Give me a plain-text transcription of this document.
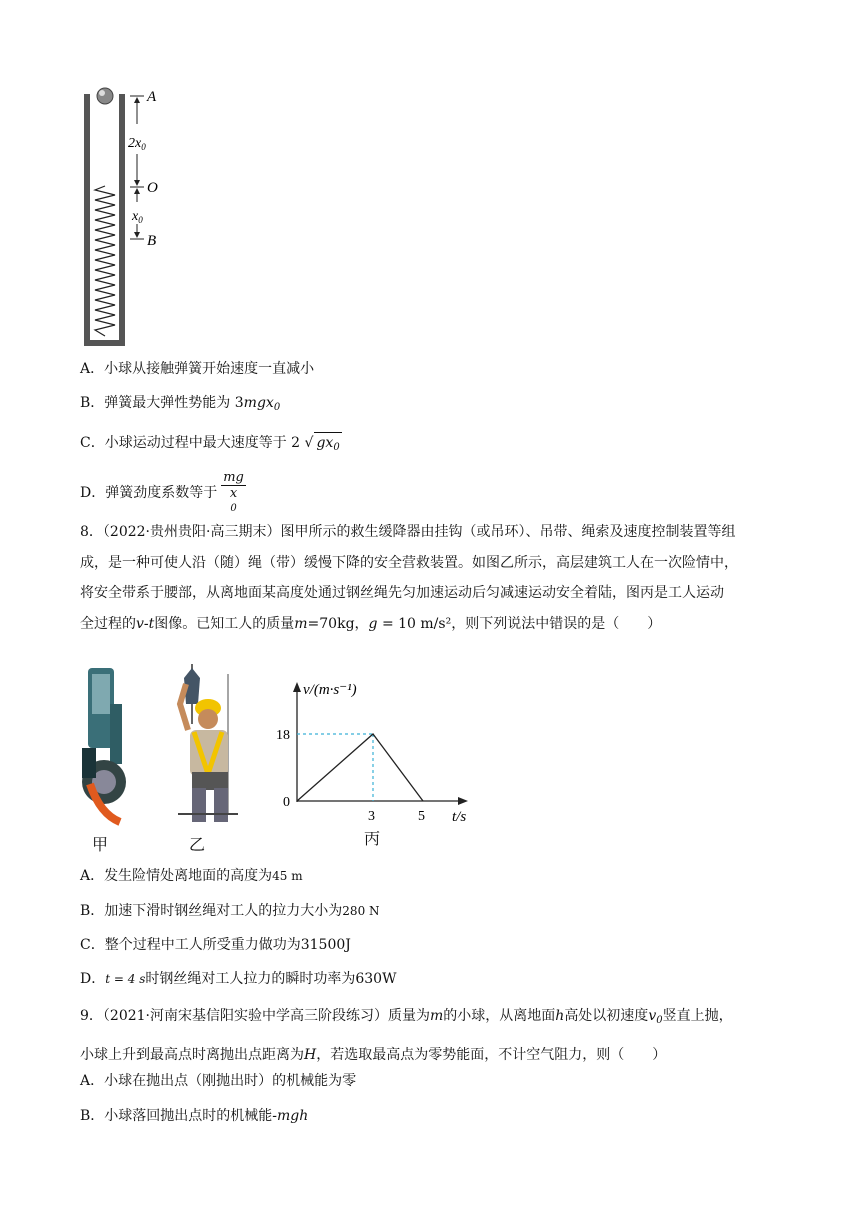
A
O
B
$2x_0$
$x_0$
A．小球从接触弹簧开始速度一直减小
B．弹簧最大弹性势能为 3mgx$_0$
C．小球运动过程中最大速度等于 2 √ $gx_0$
D．弹簧劲度系数等于 mg
x
0
8．（2022·贵州贵阳·高三期末）图甲所示的救生缓降器由挂钩（或吊环）、吊带、绳索及速度控制装置等组
成，是一种可使人沿（随）绳（带）缓慢下降的安全营救装置。如图乙所示，高层建筑工人在一次险情中，
将安全带系于腰部，从离地面某高度处通过钢丝绳先匀加速运动后匀减速运动安全着陆，图丙是工人运动
全过程的v-t图像。已知工人的质量m=70kg，g = 10 m/s²，则下列说法中错误的是（　　）
v/(m·s⁻¹)
18
0
3	5 t/s
甲	乙	丙
A．发生险情处离地面的高度为45 m
B．加速下滑时钢丝绳对工人的拉力大小为280 N
C．整个过程中工人所受重力做功为31500J
D．t = 4 s时钢丝绳对工人拉力的瞬时功率为630W
9．（2021·河南宋基信阳实验中学高三阶段练习）质量为m的小球，从离地面h高处以初速度$v_0$竖直上抛，
小球上升到最高点时离抛出点距离为H，若选取最高点为零势能面，不计空气阻力，则（　　）
A．小球在抛出点（刚抛出时）的机械能为零
B．小球落回抛出点时的机械能-mgh
